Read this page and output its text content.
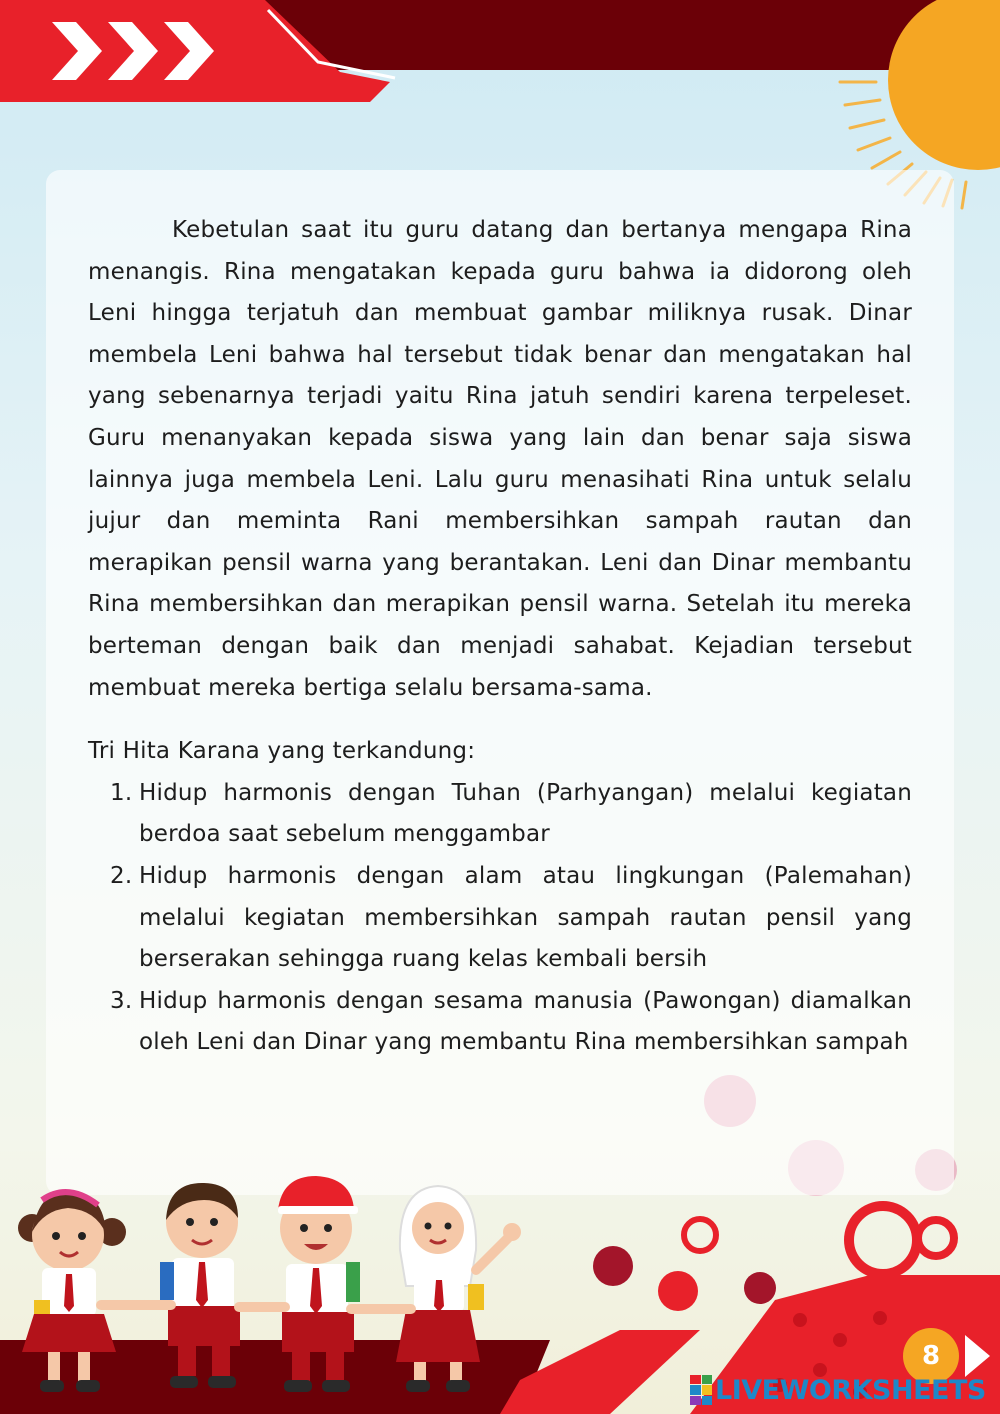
Kebetulan saat itu guru datang dan bertanya mengapa Rina menangis. Rina mengatakan kepada guru bahwa ia didorong oleh Leni hingga terjatuh dan membuat gambar miliknya rusak. Dinar membela Leni bahwa hal tersebut tidak benar dan mengatakan hal yang sebenarnya terjadi yaitu Rina jatuh sendiri karena terpeleset. Guru menanyakan kepada siswa yang lain dan benar saja siswa lainnya juga membela Leni. Lalu guru menasihati Rina untuk selalu jujur dan meminta Rani membersihkan sampah rautan dan merapikan pensil warna yang berantakan. Leni dan Dinar membantu Rina membersihkan dan merapikan pensil warna. Setelah itu mereka berteman dengan baik dan menjadi sahabat. Kejadian tersebut membuat mereka bertiga selalu bersama-sama.

Tri Hita Karana yang terkandung:

1. Hidup harmonis dengan Tuhan (Parhyangan) melalui kegiatan berdoa saat sebelum menggambar
2. Hidup harmonis dengan alam atau lingkungan (Palemahan) melalui kegiatan membersihkan sampah rautan pensil yang berserakan sehingga ruang kelas kembali bersih
3. Hidup harmonis dengan sesama manusia (Pawongan) diamalkan oleh Leni dan Dinar yang membantu Rina membersihkan sampah
8
LIVEWORKSHEETS
